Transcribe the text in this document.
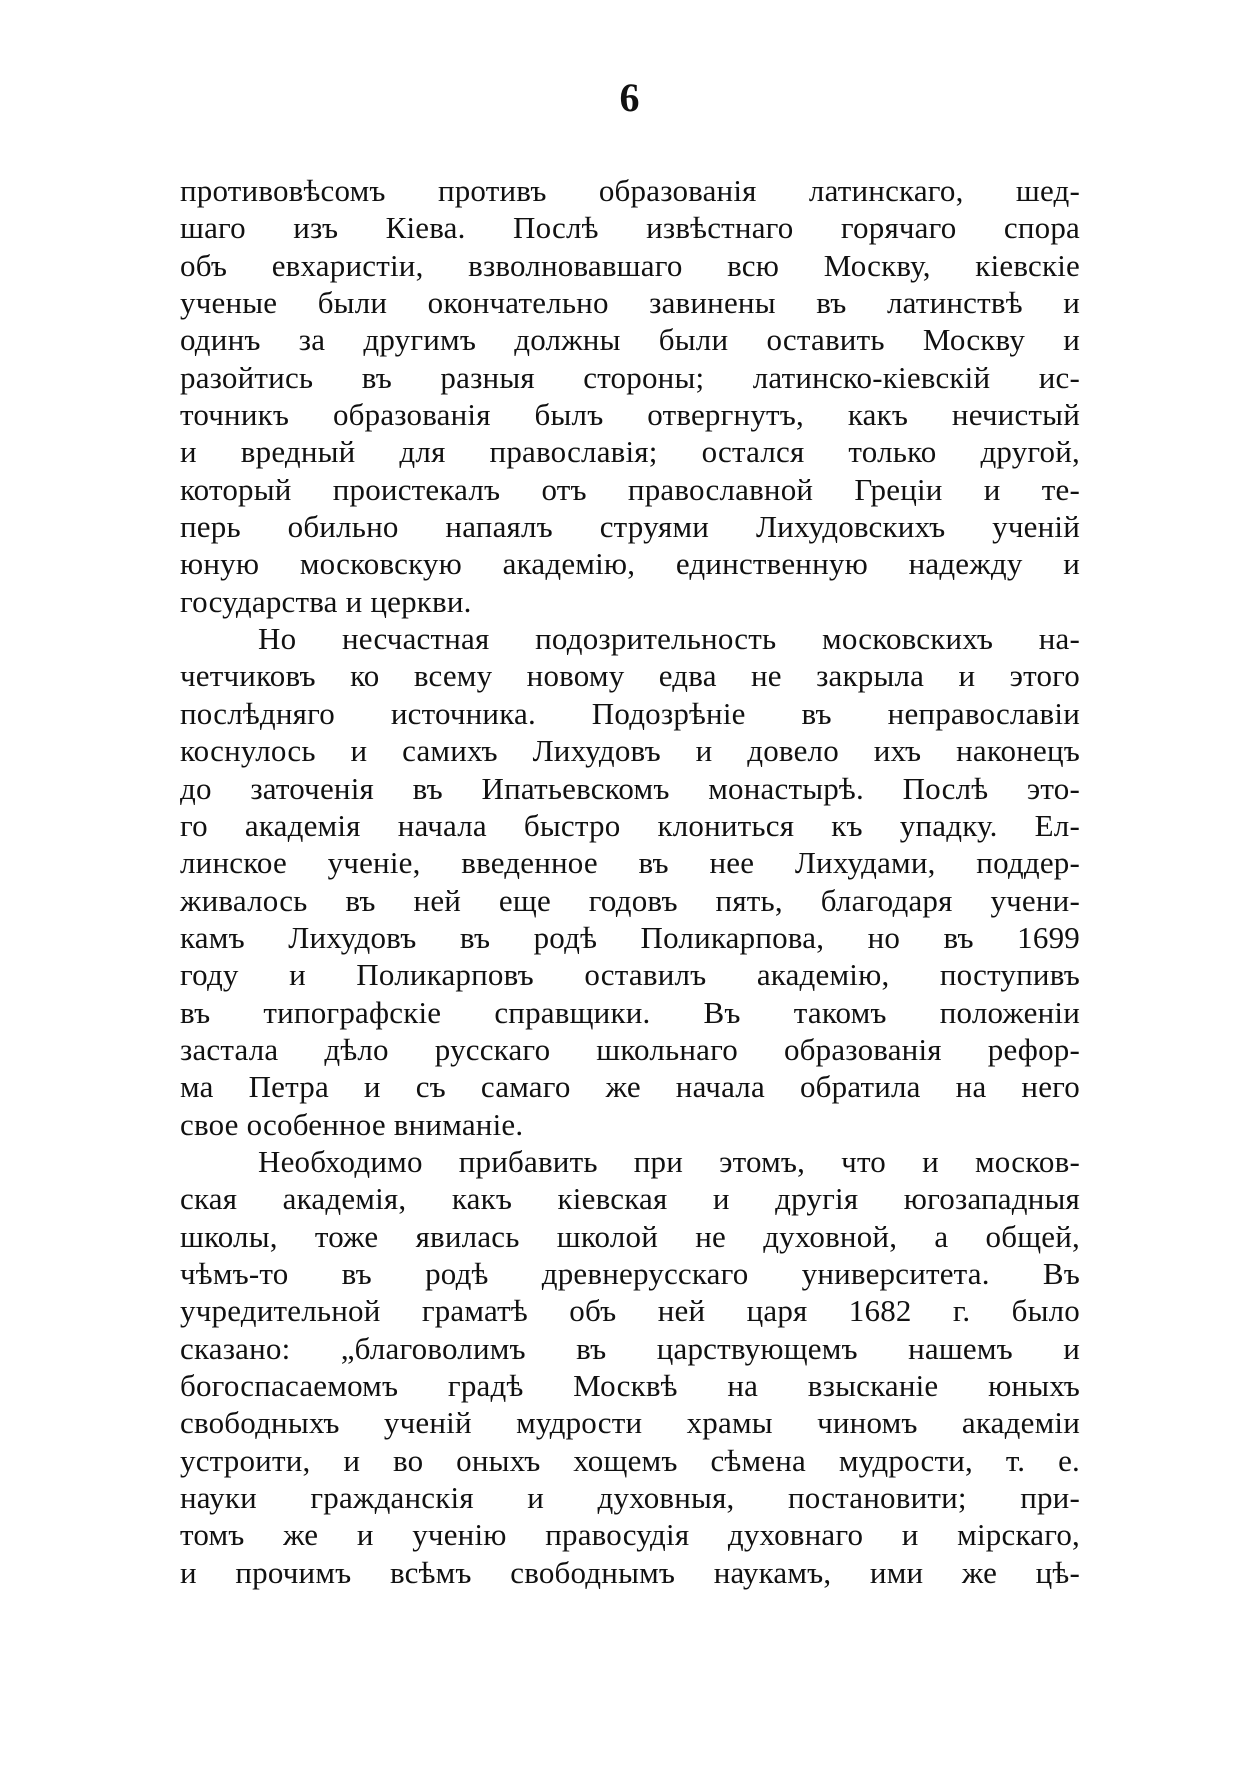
6
противовѣсомъ противъ образованія латинскаго, шед-
шаго изъ Кіева. Послѣ извѣстнаго горячаго спора
объ евхаристіи, взволновавшаго всю Москву, кіевскіе
ученые были окончательно завинены въ латинствѣ и
одинъ за другимъ должны были оставить Москву и
разойтись въ разныя стороны; латинско-кіевскій ис-
точникъ образованія былъ отвергнутъ, какъ нечистый
и вредный для православія; остался только другой,
который проистекалъ отъ православной Греціи и те-
перь обильно напаялъ струями Лихудовскихъ ученій
юную московскую академію, единственную надежду и
государства и церкви.
Но несчастная подозрительность московскихъ на-
четчиковъ ко всему новому едва не закрыла и этого
послѣдняго источника. Подозрѣніе въ неправославіи
коснулось и самихъ Лихудовъ и довело ихъ наконецъ
до заточенія въ Ипатьевскомъ монастырѣ. Послѣ это-
го академія начала быстро клониться къ упадку. Ел-
линское ученіе, введенное въ нее Лихудами, поддер-
живалось въ ней еще годовъ пять, благодаря учени-
камъ Лихудовъ въ родѣ Поликарпова, но въ 1699
году и Поликарповъ оставилъ академію, поступивъ
въ типографскіе справщики. Въ такомъ положеніи
застала дѣло русскаго школьнаго образованія рефор-
ма Петра и съ самаго же начала обратила на него
свое особенное вниманіе.
Необходимо прибавить при этомъ, что и москов-
ская академія, какъ кіевская и другія югозападныя
школы, тоже явилась школой не духовной, а общей,
чѣмъ-то въ родѣ древнерусскаго университета. Въ
учредительной граматѣ объ ней царя 1682 г. было
сказано: „благоволимъ въ царствующемъ нашемъ и
богоспасаемомъ градѣ Москвѣ на взысканіе юныхъ
свободныхъ ученій мудрости храмы чиномъ академіи
устроити, и во оныхъ хощемъ сѣмена мудрости, т. е.
науки гражданскія и духовныя, постановити; при-
томъ же и ученію правосудія духовнаго и мірскаго,
и прочимъ всѣмъ свободнымъ наукамъ, ими же цѣ-
